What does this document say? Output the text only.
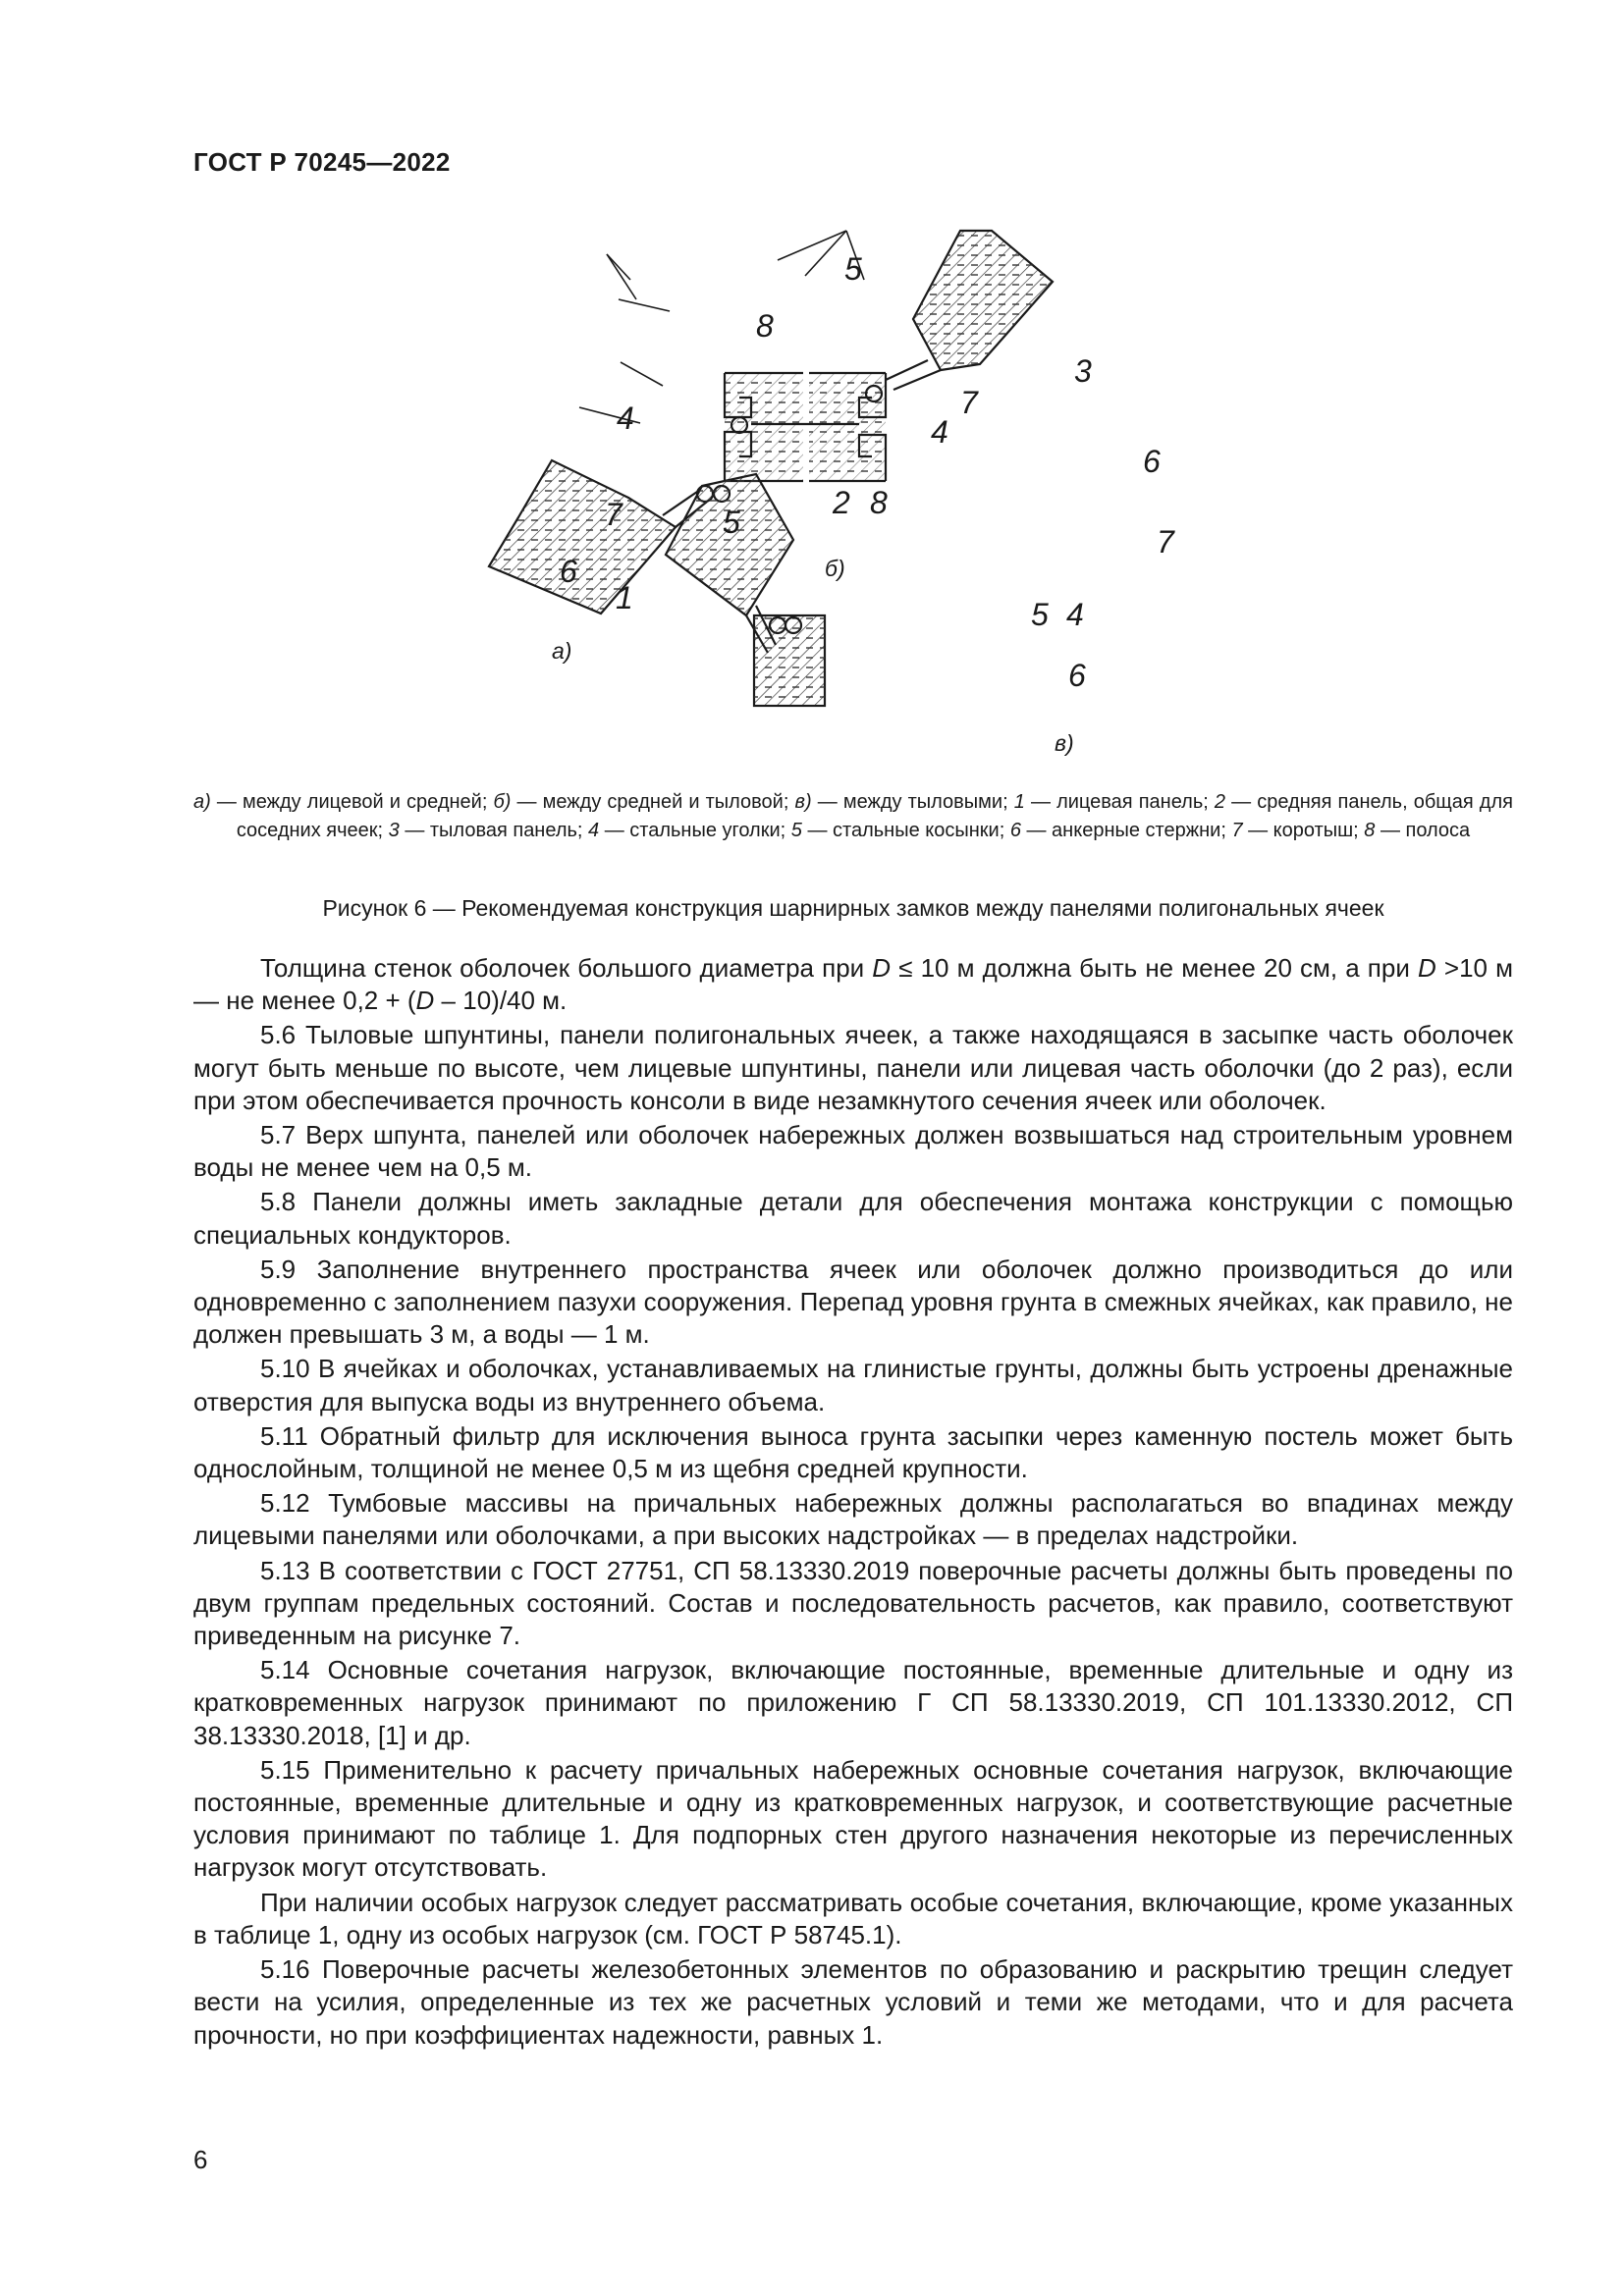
ГОСТ Р 70245—2022
6
1
4
7	5
8
5
2 8
7
4
3
6
7
5 4
6
а)
б)
в)
а) — между лицевой и средней; б) — между средней и тыловой; в) — между тыловыми; 1 — лицевая панель; 2 — средняя панель, общая для соседних ячеек; 3 — тыловая панель; 4 — стальные уголки; 5 — стальные косынки; 6 — анкерные стержни; 7 — коротыш; 8 — полоса
Рисунок 6 — Рекомендуемая конструкция шарнирных замков между панелями полигональных ячеек

Толщина стенок оболочек большого диаметра при D ≤ 10 м должна быть не менее 20 см, а при D >10 м — не менее 0,2 + (D – 10)/40 м.

5.6 Тыловые шпунтины, панели полигональных ячеек, а также находящаяся в засыпке часть оболочек могут быть меньше по высоте, чем лицевые шпунтины, панели или лицевая часть оболочки (до 2 раз), если при этом обеспечивается прочность консоли в виде незамкнутого сечения ячеек или оболочек.

5.7 Верх шпунта, панелей или оболочек набережных должен возвышаться над строительным уровнем воды не менее чем на 0,5 м.

5.8 Панели должны иметь закладные детали для обеспечения монтажа конструкции с помощью специальных кондукторов.

5.9 Заполнение внутреннего пространства ячеек или оболочек должно производиться до или одновременно с заполнением пазухи сооружения. Перепад уровня грунта в смежных ячейках, как правило, не должен превышать 3 м, а воды — 1 м.

5.10 В ячейках и оболочках, устанавливаемых на глинистые грунты, должны быть устроены дренажные отверстия для выпуска воды из внутреннего объема.

5.11 Обратный фильтр для исключения выноса грунта засыпки через каменную постель может быть однослойным, толщиной не менее 0,5 м из щебня средней крупности.

5.12 Тумбовые массивы на причальных набережных должны располагаться во впадинах между лицевыми панелями или оболочками, а при высоких надстройках — в пределах надстройки.

5.13 В соответствии с ГОСТ 27751, СП 58.13330.2019 поверочные расчеты должны быть проведены по двум группам предельных состояний. Состав и последовательность расчетов, как правило, соответствуют приведенным на рисунке 7.

5.14 Основные сочетания нагрузок, включающие постоянные, временные длительные и одну из кратковременных нагрузок принимают по приложению Г СП 58.13330.2019, СП 101.13330.2012, СП 38.13330.2018, [1] и др.

5.15 Применительно к расчету причальных набережных основные сочетания нагрузок, включающие постоянные, временные длительные и одну из кратковременных нагрузок, и соответствующие расчетные условия принимают по таблице 1. Для подпорных стен другого назначения некоторые из перечисленных нагрузок могут отсутствовать.

При наличии особых нагрузок следует рассматривать особые сочетания, включающие, кроме указанных в таблице 1, одну из особых нагрузок (см. ГОСТ Р 58745.1).

5.16 Поверочные расчеты железобетонных элементов по образованию и раскрытию трещин следует вести на усилия, определенные из тех же расчетных условий и теми же методами, что и для расчета прочности, но при коэффициентах надежности, равных 1.

6
